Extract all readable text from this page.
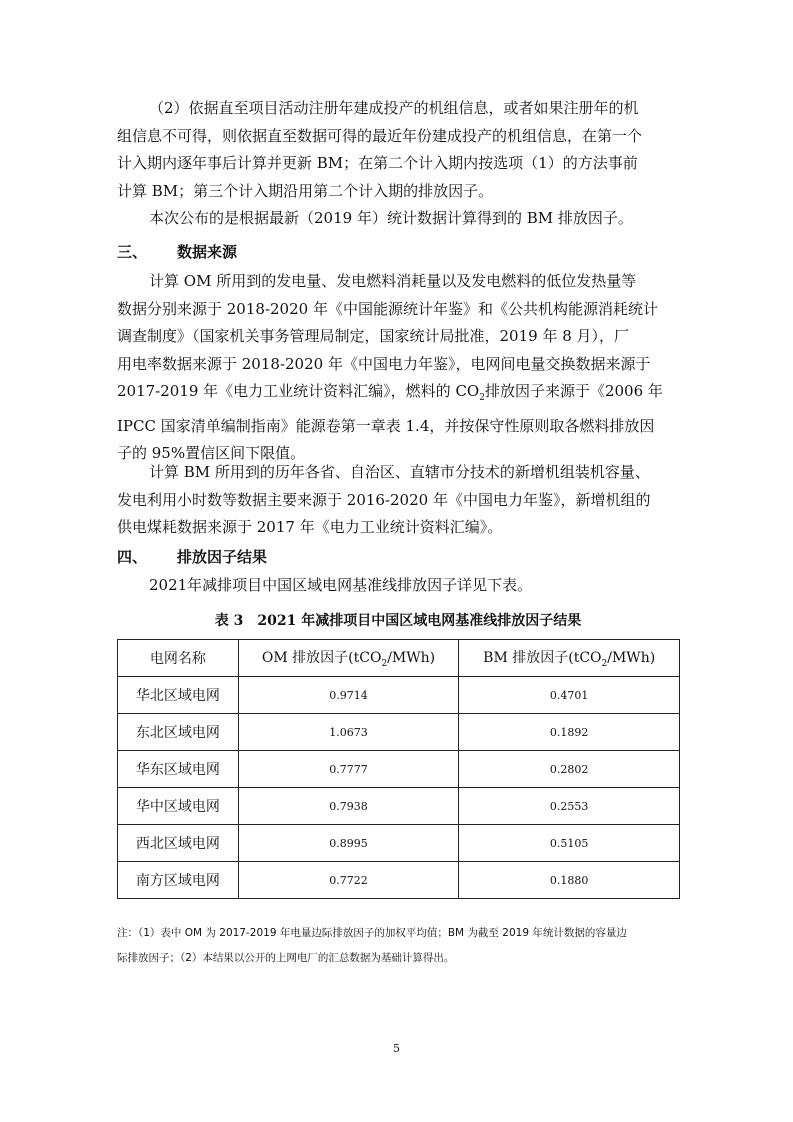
（2）依据直至项目活动注册年建成投产的机组信息，或者如果注册年的机
组信息不可得，则依据直至数据可得的最近年份建成投产的机组信息，在第一个
计入期内逐年事后计算并更新 BM；在第二个计入期内按选项（1）的方法事前
计算 BM；第三个计入期沿用第二个计入期的排放因子。
本次公布的是根据最新（2019 年）统计数据计算得到的 BM 排放因子。
三、 数据来源
计算 OM 所用到的发电量、发电燃料消耗量以及发电燃料的低位发热量等
数据分别来源于 2018-2020 年《中国能源统计年鉴》和《公共机构能源消耗统计
调查制度》（国家机关事务管理局制定，国家统计局批准，2019 年 8 月），厂
用电率数据来源于 2018-2020 年《中国电力年鉴》，电网间电量交换数据来源于
2017-2019 年《电力工业统计资料汇编》，燃料的 $CO_2$排放因子来源于《2006 年
IPCC 国家清单编制指南》能源卷第一章表 1.4，并按保守性原则取各燃料排放因
子的 95%置信区间下限值。
计算 BM 所用到的历年各省、自治区、直辖市分技术的新增机组装机容量、
发电利用小时数等数据主要来源于 2016-2020 年《中国电力年鉴》，新增机组的
供电煤耗数据来源于 2017 年《电力工业统计资料汇编》。
四、 排放因子结果
2021年减排项目中国区域电网基准线排放因子详见下表。
表 3　2021 年减排项目中国区域电网基准线排放因子结果
电网名称	OM 排放因子(tCO$_2$/MWh)	BM 排放因子(tCO$_2$/MWh)
华北区域电网	0.9714	0.4701
东北区域电网	1.0673	0.1892
华东区域电网	0.7777	0.2802
华中区域电网	0.7938	0.2553
西北区域电网	0.8995	0.5105
南方区域电网	0.7722	0.1880
注：（1）表中 OM 为 2017-2019 年电量边际排放因子的加权平均值；BM 为截至 2019 年统计数据的容量边
际排放因子；（2）本结果以公开的上网电厂的汇总数据为基础计算得出。
5
